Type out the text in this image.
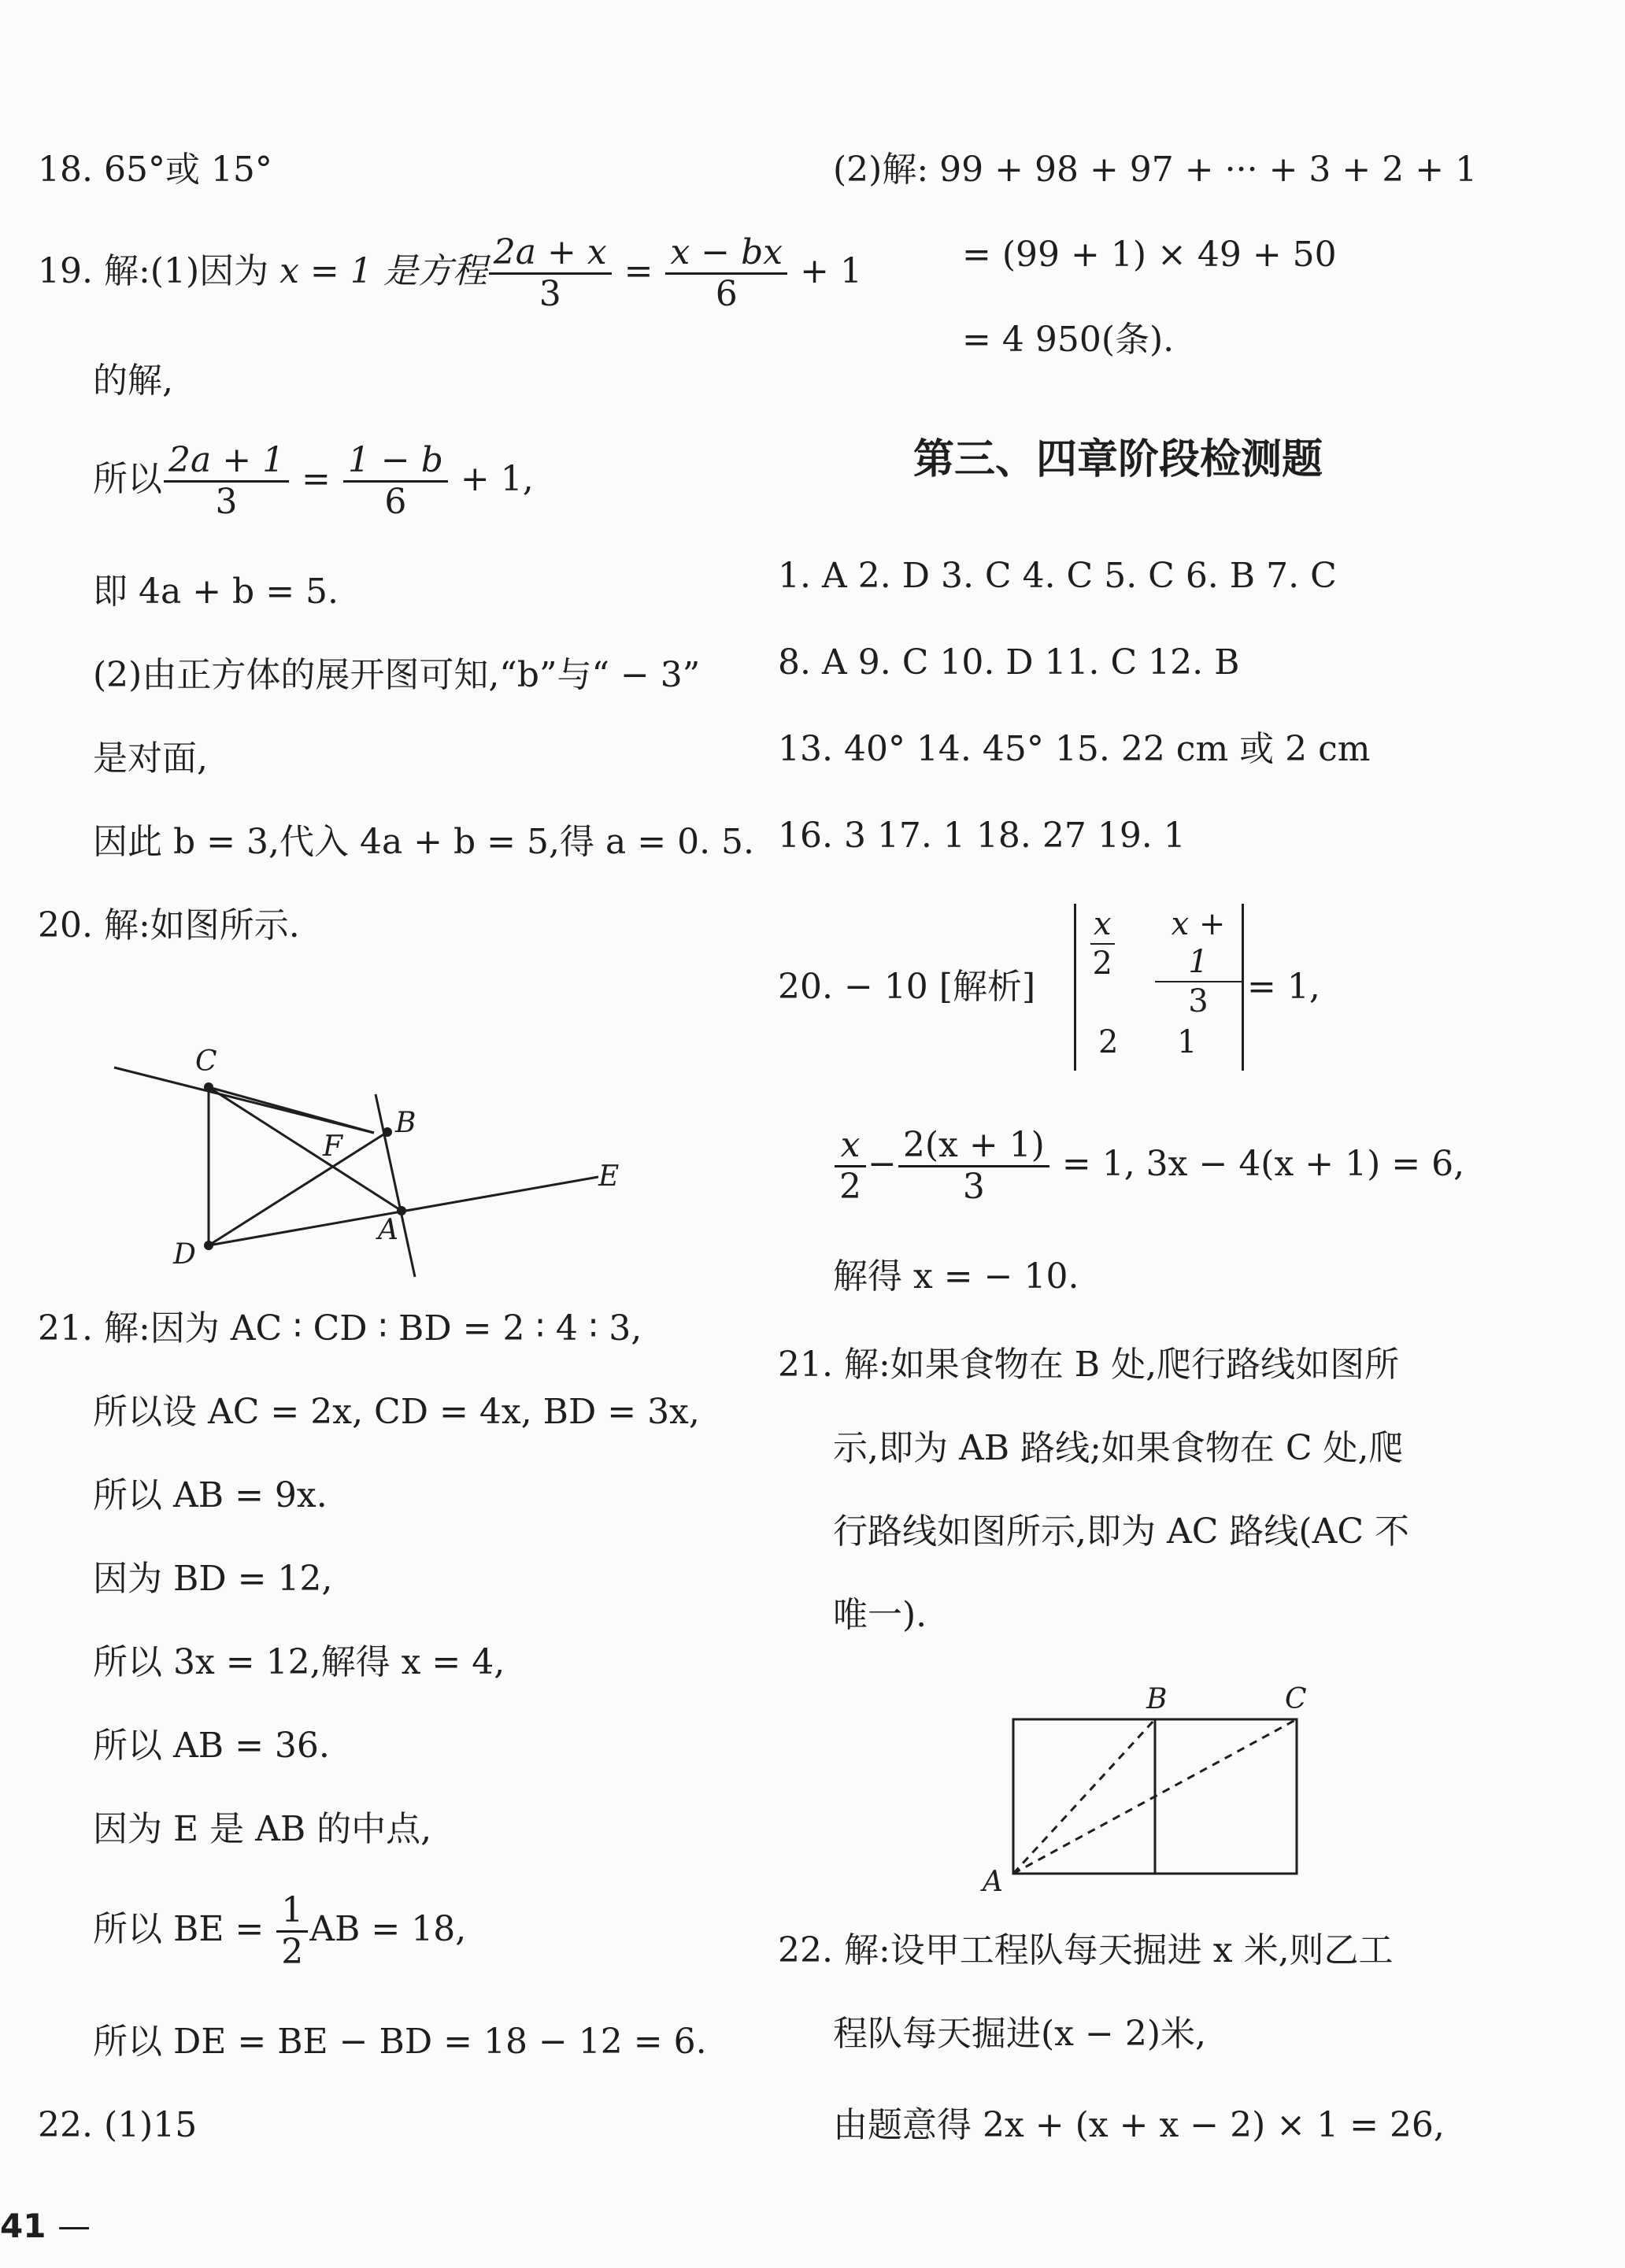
18. 65°或 15°
19. 解:(1)因为 x = 1 是方程 $\frac{2a + x}{3} = \frac{x - bx}{6} + 1$
的解,
所以 $\frac{2a + 1}{3} = \frac{1 - b}{6} + 1$,
即 4a + b = 5.
(2)由正方体的展开图可知,“b”与“ − 3”
是对面,
因此 b = 3,代入 4a + b = 5,得 a = 0. 5.
20. 解:如图所示.
C
B
F
E
A
D
21. 解:因为 AC ∶ CD ∶ BD = 2 ∶ 4 ∶ 3,
所以设 AC = 2x, CD = 4x, BD = 3x,
所以 AB = 9x.
因为 BD = 12,
所以 3x = 12,解得 x = 4,
所以 AB = 36.
因为 E 是 AB 的中点,
所以 BE = $\frac{1}{2}$ AB = 18,
所以 DE = BE − BD = 18 − 12 = 6.
22. (1)15
41 —
(2)解: 99 + 98 + 97 + ··· + 3 + 2 + 1
= (99 + 1) × 49 + 50
= 4 950(条).
第三、四章阶段检测题
1. A 2. D 3. C 4. C 5. C 6. B 7. C
8. A 9. C 10. D 11. C 12. B
13. 40° 14. 45° 15. 22 cm 或 2 cm
16. 3 17. 1 18. 27 19. 1
20. − 10 [解析]
$\frac{x}{2} \frac{x + 1}{3}$
2 1
= 1,
$\frac{x}{2} - \frac{2(x + 1)}{3} = 1$, 3x − 4(x + 1) = 6,
解得 x = − 10.
21. 解:如果食物在 B 处,爬行路线如图所
示,即为 AB 路线;如果食物在 C 处,爬
行路线如图所示,即为 AC 路线(AC 不
唯一).
B	C
A
22. 解:设甲工程队每天掘进 x 米,则乙工
程队每天掘进(x − 2)米,
由题意得 2x + (x + x − 2) × 1 = 26,
